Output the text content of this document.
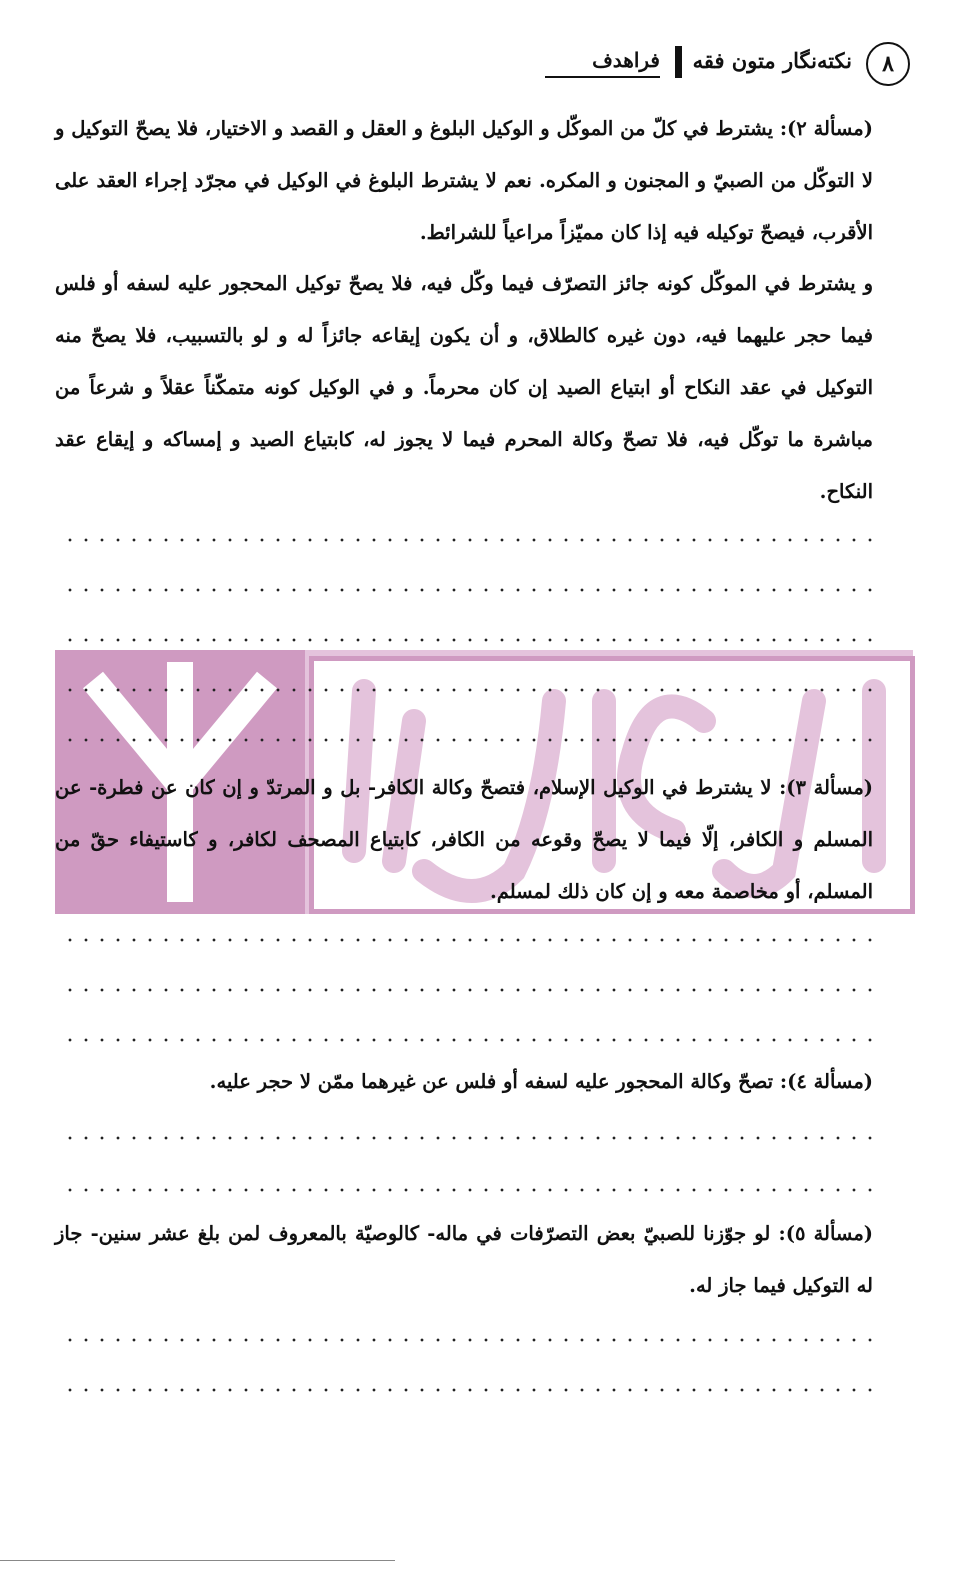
٨
نکته‌نگار متون فقه
فراهدف

(مسألة ٢): يشترط في كلّ من الموكّل و الوكيل البلوغ و العقل و القصد و الاختيار، فلا يصحّ التوكيل و لا التوكّل من الصبيّ و المجنون و المكره. نعم لا يشترط البلوغ في الوكيل في مجرّد إجراء العقد على الأقرب، فيصحّ توكيله فيه إذا كان مميّزاً مراعياً للشرائط.

و يشترط في الموكّل كونه جائز التصرّف فيما وكّل فيه، فلا يصحّ توكيل المحجور عليه لسفه أو فلس فيما حجر عليهما فيه، دون غيره كالطلاق، و أن يكون إيقاعه جائزاً له و لو بالتسبيب، فلا يصحّ منه التوكيل في عقد النكاح أو ابتياع الصيد إن كان محرماً. و في الوكيل كونه متمكّناً عقلاً و شرعاً من مباشرة ما توكّل فيه، فلا تصحّ وكالة المحرم فيما لا يجوز له، كابتياع الصيد و إمساكه و إيقاع عقد النكاح.

(مسألة ٣): لا يشترط في الوكيل الإسلام، فتصحّ وكالة الكافر- بل و المرتدّ و إن كان عن فطرة- عن المسلم و الكافر، إلّا فيما لا يصحّ وقوعه من الكافر، كابتياع المصحف لكافر، و كاستيفاء حقّ من المسلم، أو مخاصمة معه و إن كان ذلك لمسلم.

(مسألة ٤): تصحّ وكالة المحجور عليه لسفه أو فلس عن غيرهما ممّن لا حجر عليه.

(مسألة ٥): لو جوّزنا للصبيّ بعض التصرّفات في ماله- كالوصيّة بالمعروف لمن بلغ عشر سنين- جاز له التوكيل فيما جاز له.
